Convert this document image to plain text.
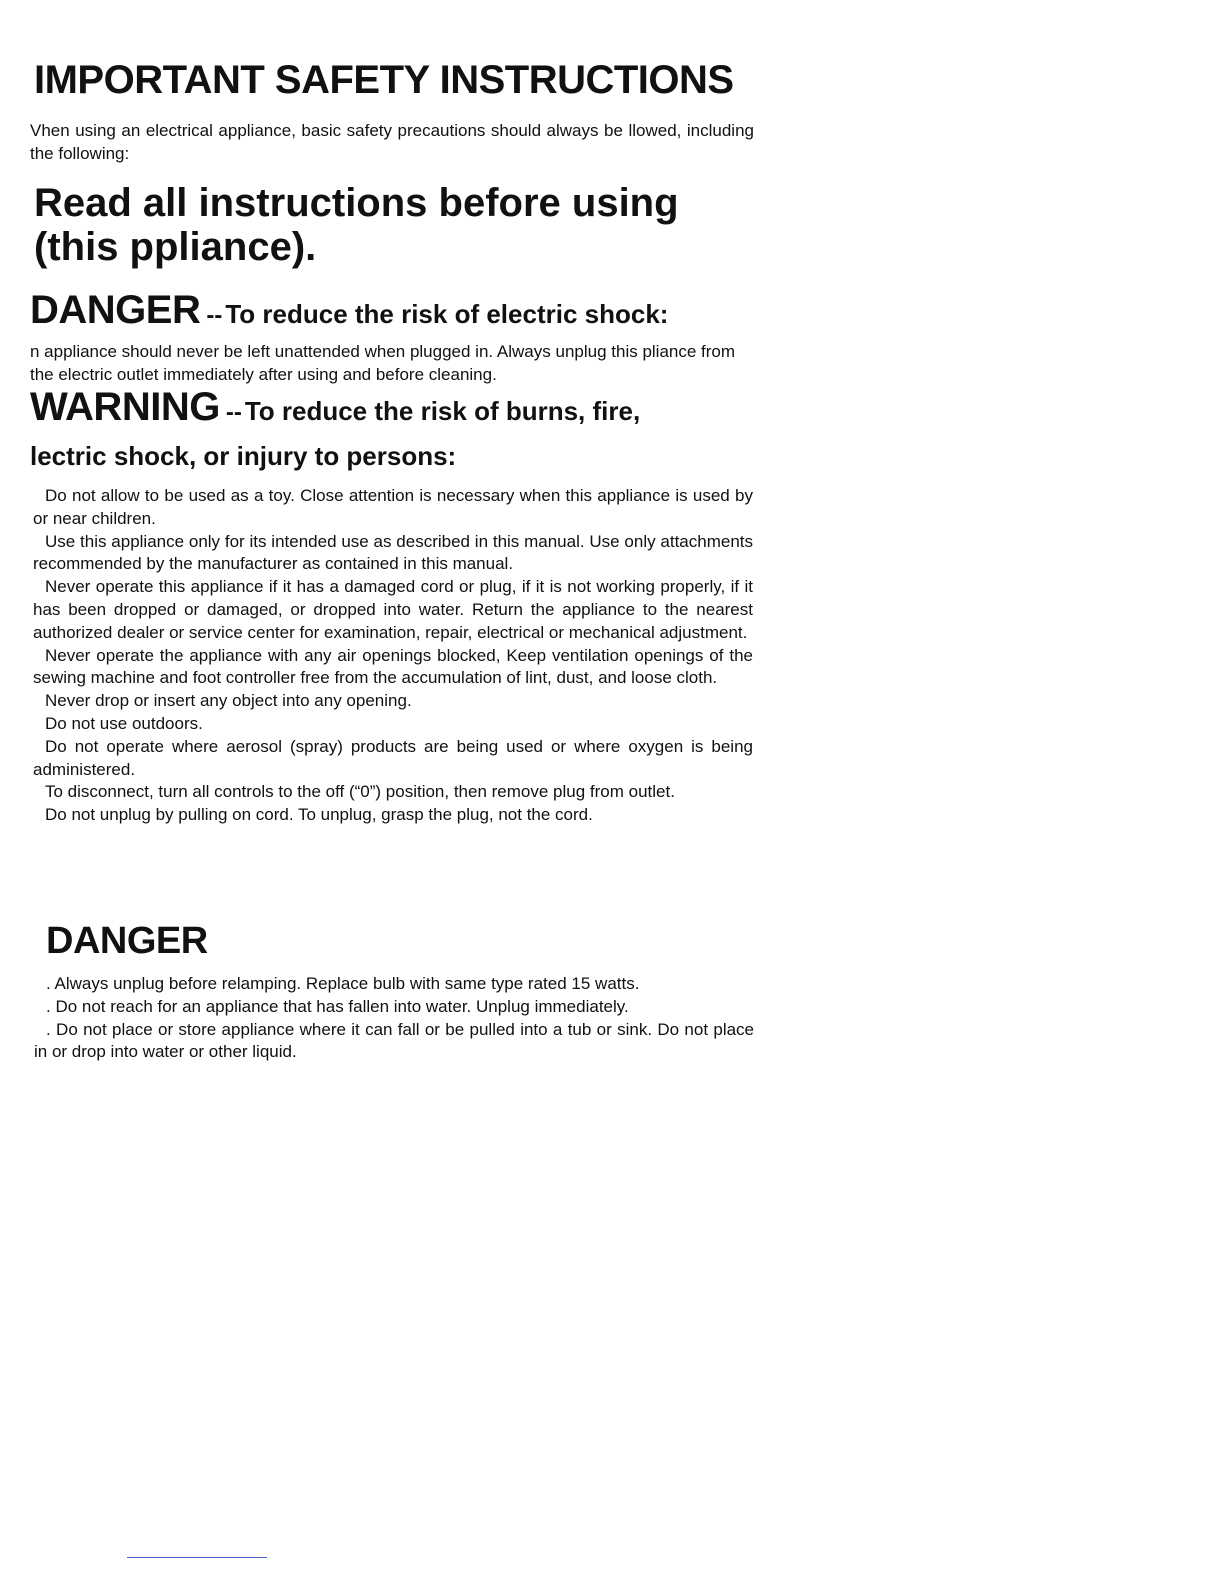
IMPORTANT SAFETY INSTRUCTIONS

Vhen using an electrical appliance, basic safety precautions should always be llowed, including the following:

Read all instructions before using (this ppliance).
DANGER -- To reduce the risk of electric shock:

n appliance should never be left unattended when plugged in. Always unplug this pliance from the electric outlet immediately after using and before cleaning.

WARNING -- To reduce the risk of burns, fire,
lectric shock, or injury to persons:
Do not allow to be used as a toy. Close attention is necessary when this appliance is used by or near children.
Use this appliance only for its intended use as described in this manual. Use only attachments recommended by the manufacturer as contained in this manual.
Never operate this appliance if it has a damaged cord or plug, if it is not working properly, if it has been dropped or damaged, or dropped into water. Return the appliance to the nearest authorized dealer or service center for examination, repair, electrical or mechanical adjustment.
Never operate the appliance with any air openings blocked, Keep ventilation openings of the sewing machine and foot controller free from the accumulation of lint, dust, and loose cloth.
Never drop or insert any object into any opening.
Do not use outdoors.
Do not operate where aerosol (spray) products are being used or where oxygen is being administered.
To disconnect, turn all controls to the off (“0”) position, then remove plug from outlet.
Do not unplug by pulling on cord. To unplug, grasp the plug, not the cord.
DANGER
. Always unplug before relamping. Replace bulb with same type rated 15 watts.
. Do not reach for an appliance that has fallen into water. Unplug immediately.
. Do not place or store appliance where it can fall or be pulled into a tub or sink. Do not place in or drop into water or other liquid.
